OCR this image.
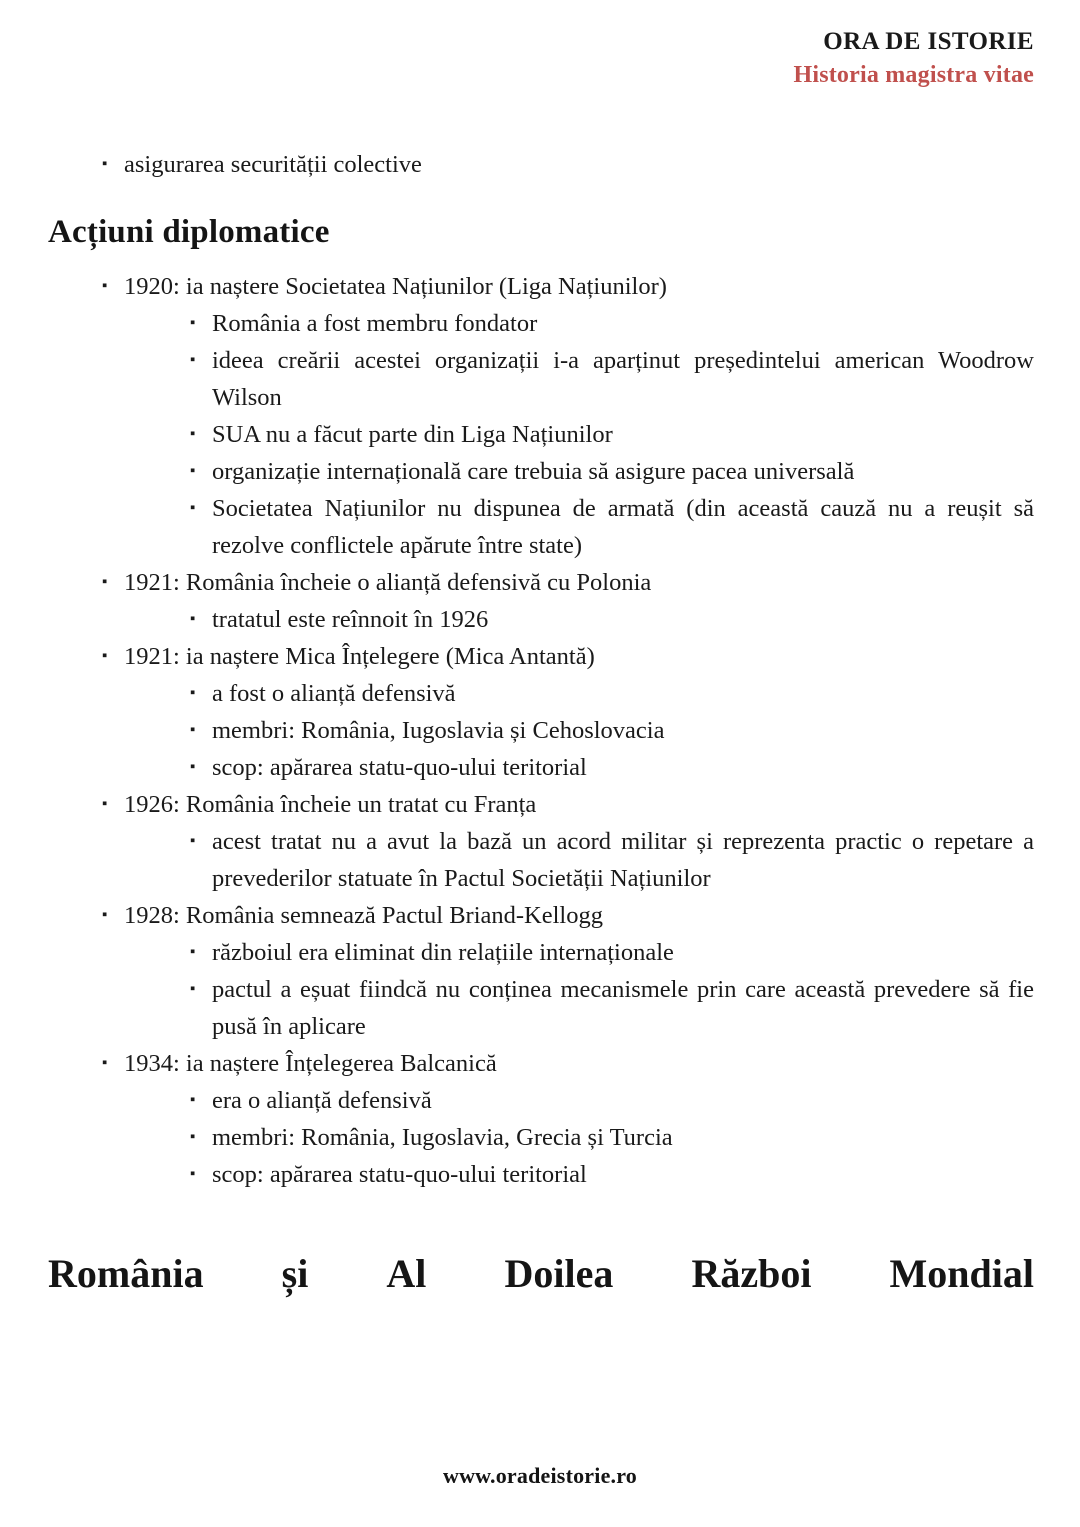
ORA DE ISTORIE
Historia magistra vitae
▪ asigurarea securității colective
Acțiuni diplomatice
▪ 1920: ia naștere Societatea Națiunilor (Liga Națiunilor)
▪ România a fost membru fondator
▪ ideea creării acestei organizații i-a aparținut președintelui american Woodrow Wilson
▪ SUA nu a făcut parte din Liga Națiunilor
▪ organizație internațională care trebuia să asigure pacea universală
▪ Societatea Națiunilor nu dispunea de armată (din această cauză nu a reușit să rezolve conflictele apărute între state)
▪ 1921: România încheie o alianță defensivă cu Polonia
▪ tratatul este reînnoit în 1926
▪ 1921: ia naștere Mica Înțelegere (Mica Antantă)
▪ a fost o alianță defensivă
▪ membri: România, Iugoslavia și Cehoslovacia
▪ scop: apărarea statu-quo-ului teritorial
▪ 1926: România încheie un tratat cu Franța
▪ acest tratat nu a avut la bază un acord militar și reprezenta practic o repetare a prevederilor statuate în Pactul Societății Națiunilor
▪ 1928: România semnează Pactul Briand-Kellogg
▪ războiul era eliminat din relațiile internaționale
▪ pactul a eșuat fiindcă nu conținea mecanismele prin care această prevedere să fie pusă în aplicare
▪ 1934: ia naștere Înțelegerea Balcanică
▪ era o alianță defensivă
▪ membri: România, Iugoslavia, Grecia și Turcia
▪ scop: apărarea statu-quo-ului teritorial
România și Al Doilea Război Mondial
www.oradeistorie.ro
